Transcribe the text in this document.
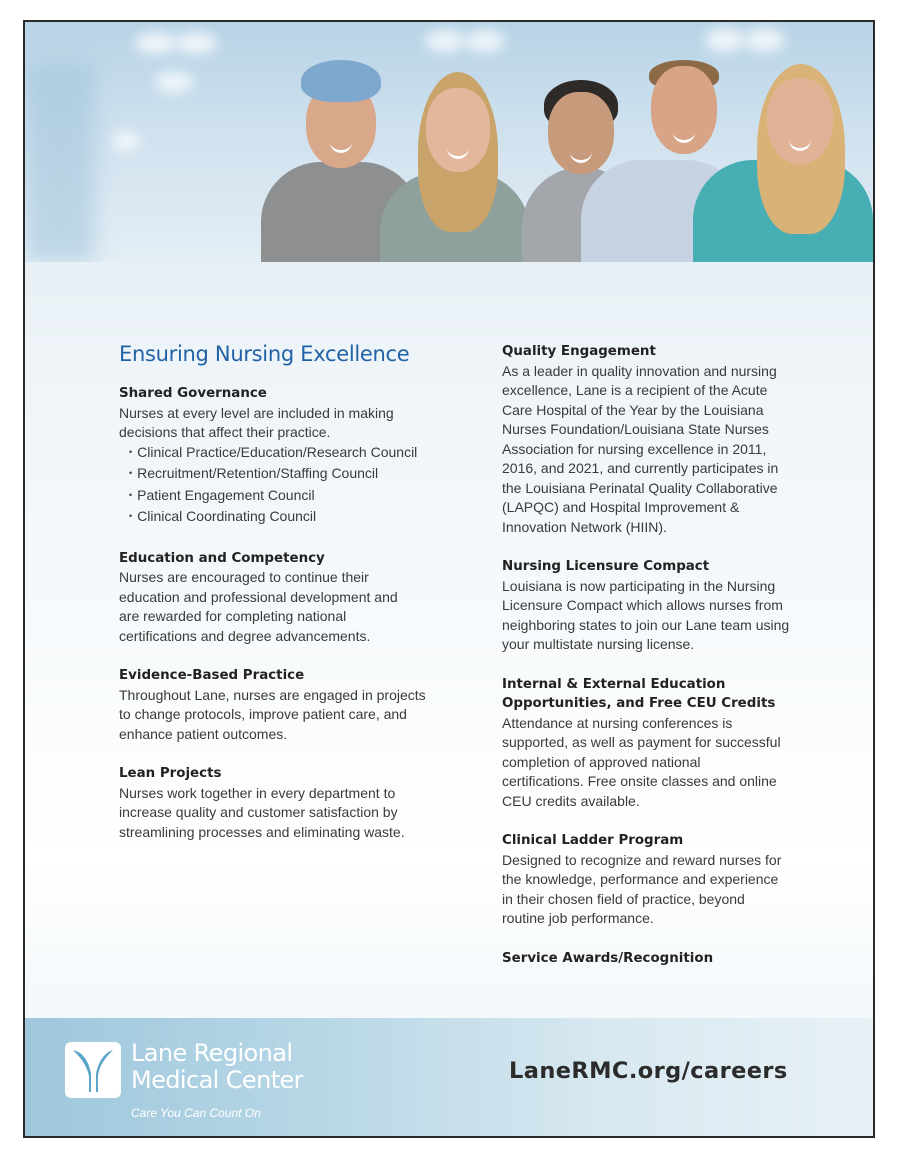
Ensuring Nursing Excellence
Shared Governance

Nurses at every level are included in making
decisions that affect their practice.

• Clinical Practice/Education/Research Council
• Recruitment/Retention/Staffing Council
• Patient Engagement Council
• Clinical Coordinating Council
Education and Competency

Nurses are encouraged to continue their
education and professional development and
are rewarded for completing national
certifications and degree advancements.

Evidence-Based Practice

Throughout Lane, nurses are engaged in projects
to change protocols, improve patient care, and
enhance patient outcomes.

Lean Projects

Nurses work together in every department to
increase quality and customer satisfaction by
streamlining processes and eliminating waste.

Quality Engagement

As a leader in quality innovation and nursing
excellence, Lane is a recipient of the Acute
Care Hospital of the Year by the Louisiana
Nurses Foundation/Louisiana State Nurses
Association for nursing excellence in 2011,
2016, and 2021, and currently participates in
the Louisiana Perinatal Quality Collaborative
(LAPQC) and Hospital Improvement &
Innovation Network (HIIN).

Nursing Licensure Compact

Louisiana is now participating in the Nursing
Licensure Compact which allows nurses from
neighboring states to join our Lane team using
your multistate nursing license.

Internal & External Education
Opportunities, and Free CEU Credits

Attendance at nursing conferences is
supported, as well as payment for successful
completion of approved national
certifications. Free onsite classes and online
CEU credits available.

Clinical Ladder Program

Designed to recognize and reward nurses for
the knowledge, performance and experience
in their chosen field of practice, beyond
routine job performance.

Service Awards/Recognition
Lane Regional
Medical Center
Care You Can Count On
LaneRMC.org/careers
